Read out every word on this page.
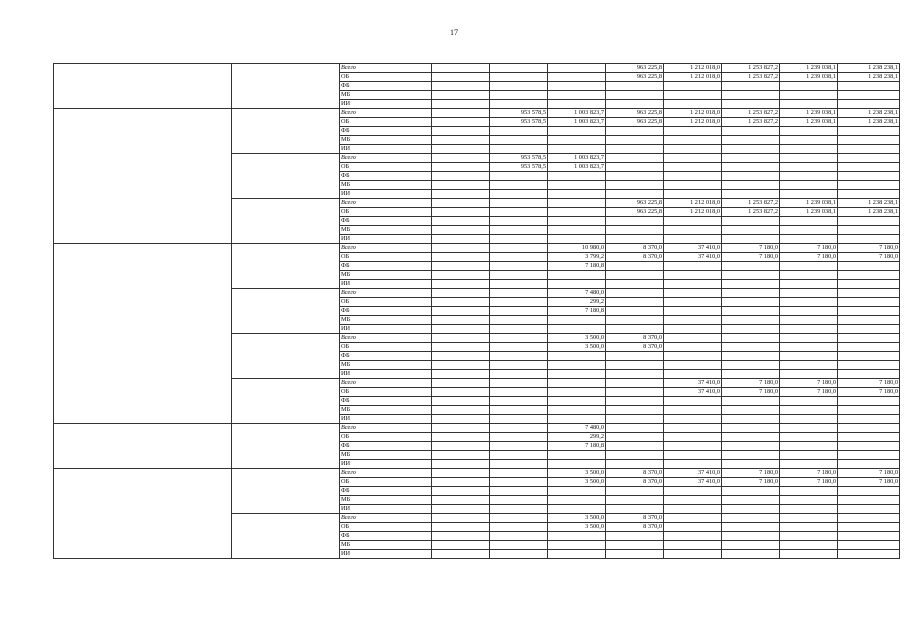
17
		Всего				963 225,8	1 212 018,0	1 253 827,2	1 239 038,1	1 238 238,1
		ОБ				963 225,8	1 212 018,0	1 253 827,2	1 239 038,1	1 238 238,1
		ФБ								
		МБ								
		ИИ								
		Всего		953 578,5	1 003 823,7	963 225,8	1 212 018,0	1 253 827,2	1 239 038,1	1 238 238,1
		ОБ		953 578,5	1 003 823,7	963 225,8	1 212 018,0	1 253 827,2	1 239 038,1	1 238 238,1
		ФБ								
		МБ								
		ИИ								
		Всего		953 578,5	1 003 823,7					
		ОБ		953 578,5	1 003 823,7					
		ФБ								
		МБ								
		ИИ								
		Всего				963 225,8	1 212 018,0	1 253 827,2	1 239 038,1	1 238 238,1
		ОБ				963 225,8	1 212 018,0	1 253 827,2	1 239 038,1	1 238 238,1
		ФБ								
		МБ								
		ИИ								
		Всего			10 980,0	8 370,0	37 410,0	7 180,0	7 180,0	7 180,0
		ОБ			3 799,2	8 370,0	37 410,0	7 180,0	7 180,0	7 180,0
		ФБ			7 180,8					
		МБ								
		ИИ								
		Всего			7 480,0					
		ОБ			299,2					
		ФБ			7 180,8					
		МБ								
		ИИ								
		Всего			3 500,0	8 370,0				
		ОБ			3 500,0	8 370,0				
		ФБ								
		МБ								
		ИИ								
		Всего					37 410,0	7 180,0	7 180,0	7 180,0
		ОБ					37 410,0	7 180,0	7 180,0	7 180,0
		ФБ								
		МБ								
		ИИ								
		Всего			7 480,0					
		ОБ			299,2					
		ФБ			7 180,8					
		МБ								
		ИИ								
		Всего			3 500,0	8 370,0	37 410,0	7 180,0	7 180,0	7 180,0
		ОБ			3 500,0	8 370,0	37 410,0	7 180,0	7 180,0	7 180,0
		ФБ								
		МБ								
		ИИ								
		Всего			3 500,0	8 370,0				
		ОБ			3 500,0	8 370,0				
		ФБ								
		МБ								
		ИИ								
